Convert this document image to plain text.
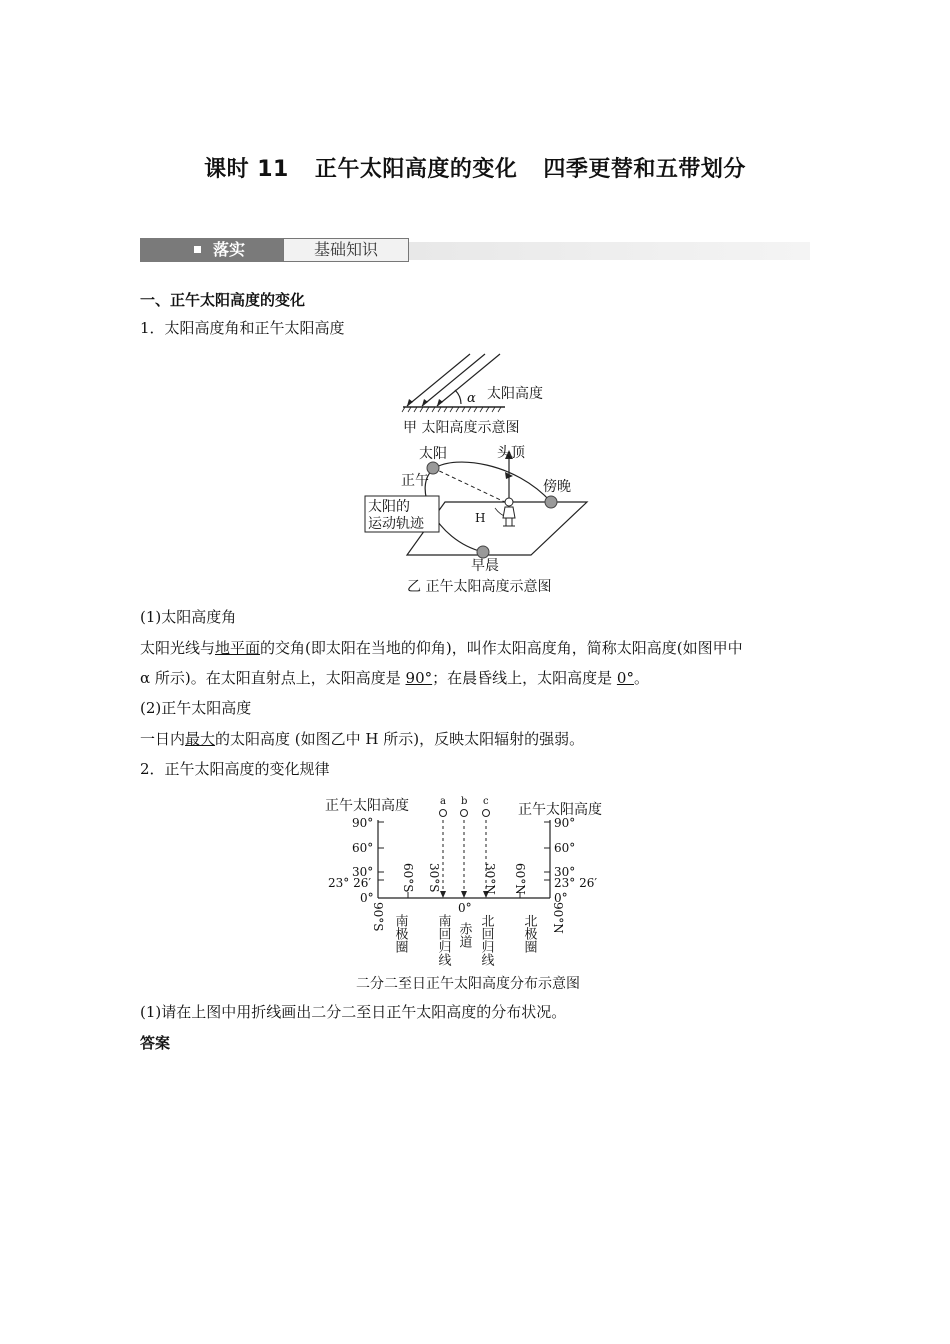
课时 11 正午太阳高度的变化 四季更替和五带划分
落实	基础知识
一、正午太阳高度的变化
1．太阳高度角和正午太阳高度
α 太阳高度
甲 太阳高度示意图
太阳的
运动轨迹
太阳
正午
头顶
傍晚
早晨
H
乙 正午太阳高度示意图
(1)太阳高度角
太阳光线与地平面的交角(即太阳在当地的仰角)，叫作太阳高度角，简称太阳高度(如图甲中
α 所示)。在太阳直射点上，太阳高度是 90°；在晨昏线上，太阳高度是 0°。
(2)正午太阳高度
一日内最大的太阳高度 (如图乙中 H 所示)，反映太阳辐射的强弱。
2．正午太阳高度的变化规律
正午太阳高度	正午太阳高度
90°
60°
30°
23° 26′
0°
90°
60°
30°
23° 26′
0°
a b c
60°S 30°S	30°N 60°N
90°S	90°N
0°
南极圈 南回归线 赤道 北回归线 北极圈
二分二至日正午太阳高度分布示意图
(1)请在上图中用折线画出二分二至日正午太阳高度的分布状况。
答案
